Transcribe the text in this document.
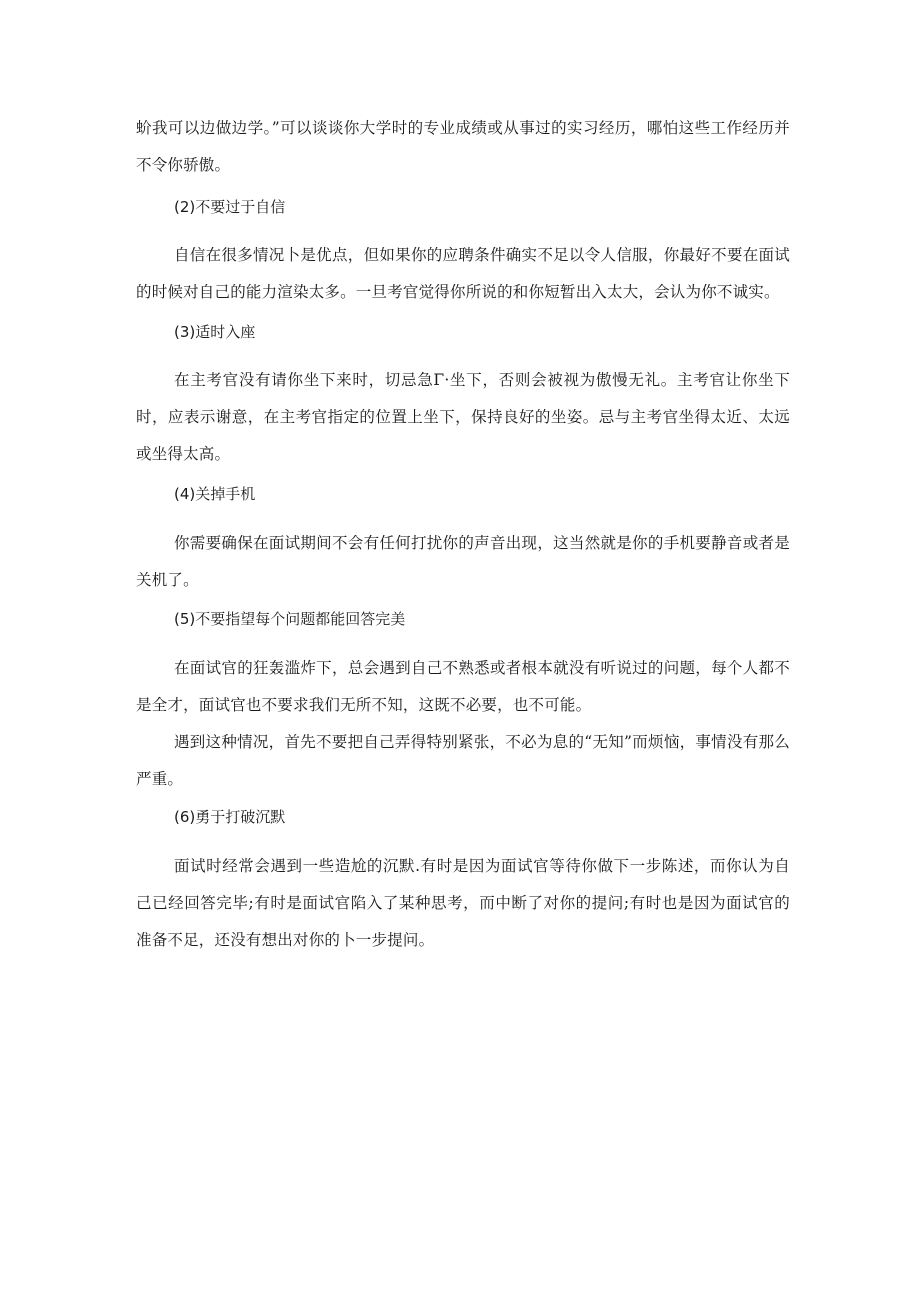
蚧我可以边做边学。”可以谈谈你大学时的专业成绩或从事过的实习经历，哪怕这些工作经历并不令你骄傲。

(2)不要过于自信

自信在很多情况卜是优点，但如果你的应聘条件确实不足以令人信服，你最好不要在面试的时候对自己的能力渲染太多。一旦考官觉得你所说的和你短暂出入太大，会认为你不诚实。

(3)适时入座

在主考官没有请你坐下来时，切忌急Γ·坐下，否则会被视为傲慢无礼。主考官让你坐下时，应表示谢意，在主考官指定的位置上坐下，保持良好的坐姿。忌与主考官坐得太近、太远或坐得太高。

(4)关掉手机

你需要确保在面试期间不会有任何打扰你的声音出现，这当然就是你的手机要静音或者是关机了。

(5)不要指望每个问题都能回答完美

在面试官的狂轰滥炸下，总会遇到自己不熟悉或者根本就没有听说过的问题，每个人都不是全才，面试官也不要求我们无所不知，这既不必要，也不可能。

遇到这种情况，首先不要把自己弄得特别紧张，不必为息的“无知”而烦恼，事情没有那么严重。

(6)勇于打破沉默

面试时经常会遇到一些造尬的沉默.有时是因为面试官等待你做下一步陈述，而你认为自己已经回答完毕;有时是面试官陷入了某种思考，而中断了对你的提问;有时也是因为面试官的准备不足，还没有想出对你的卜一步提问。
